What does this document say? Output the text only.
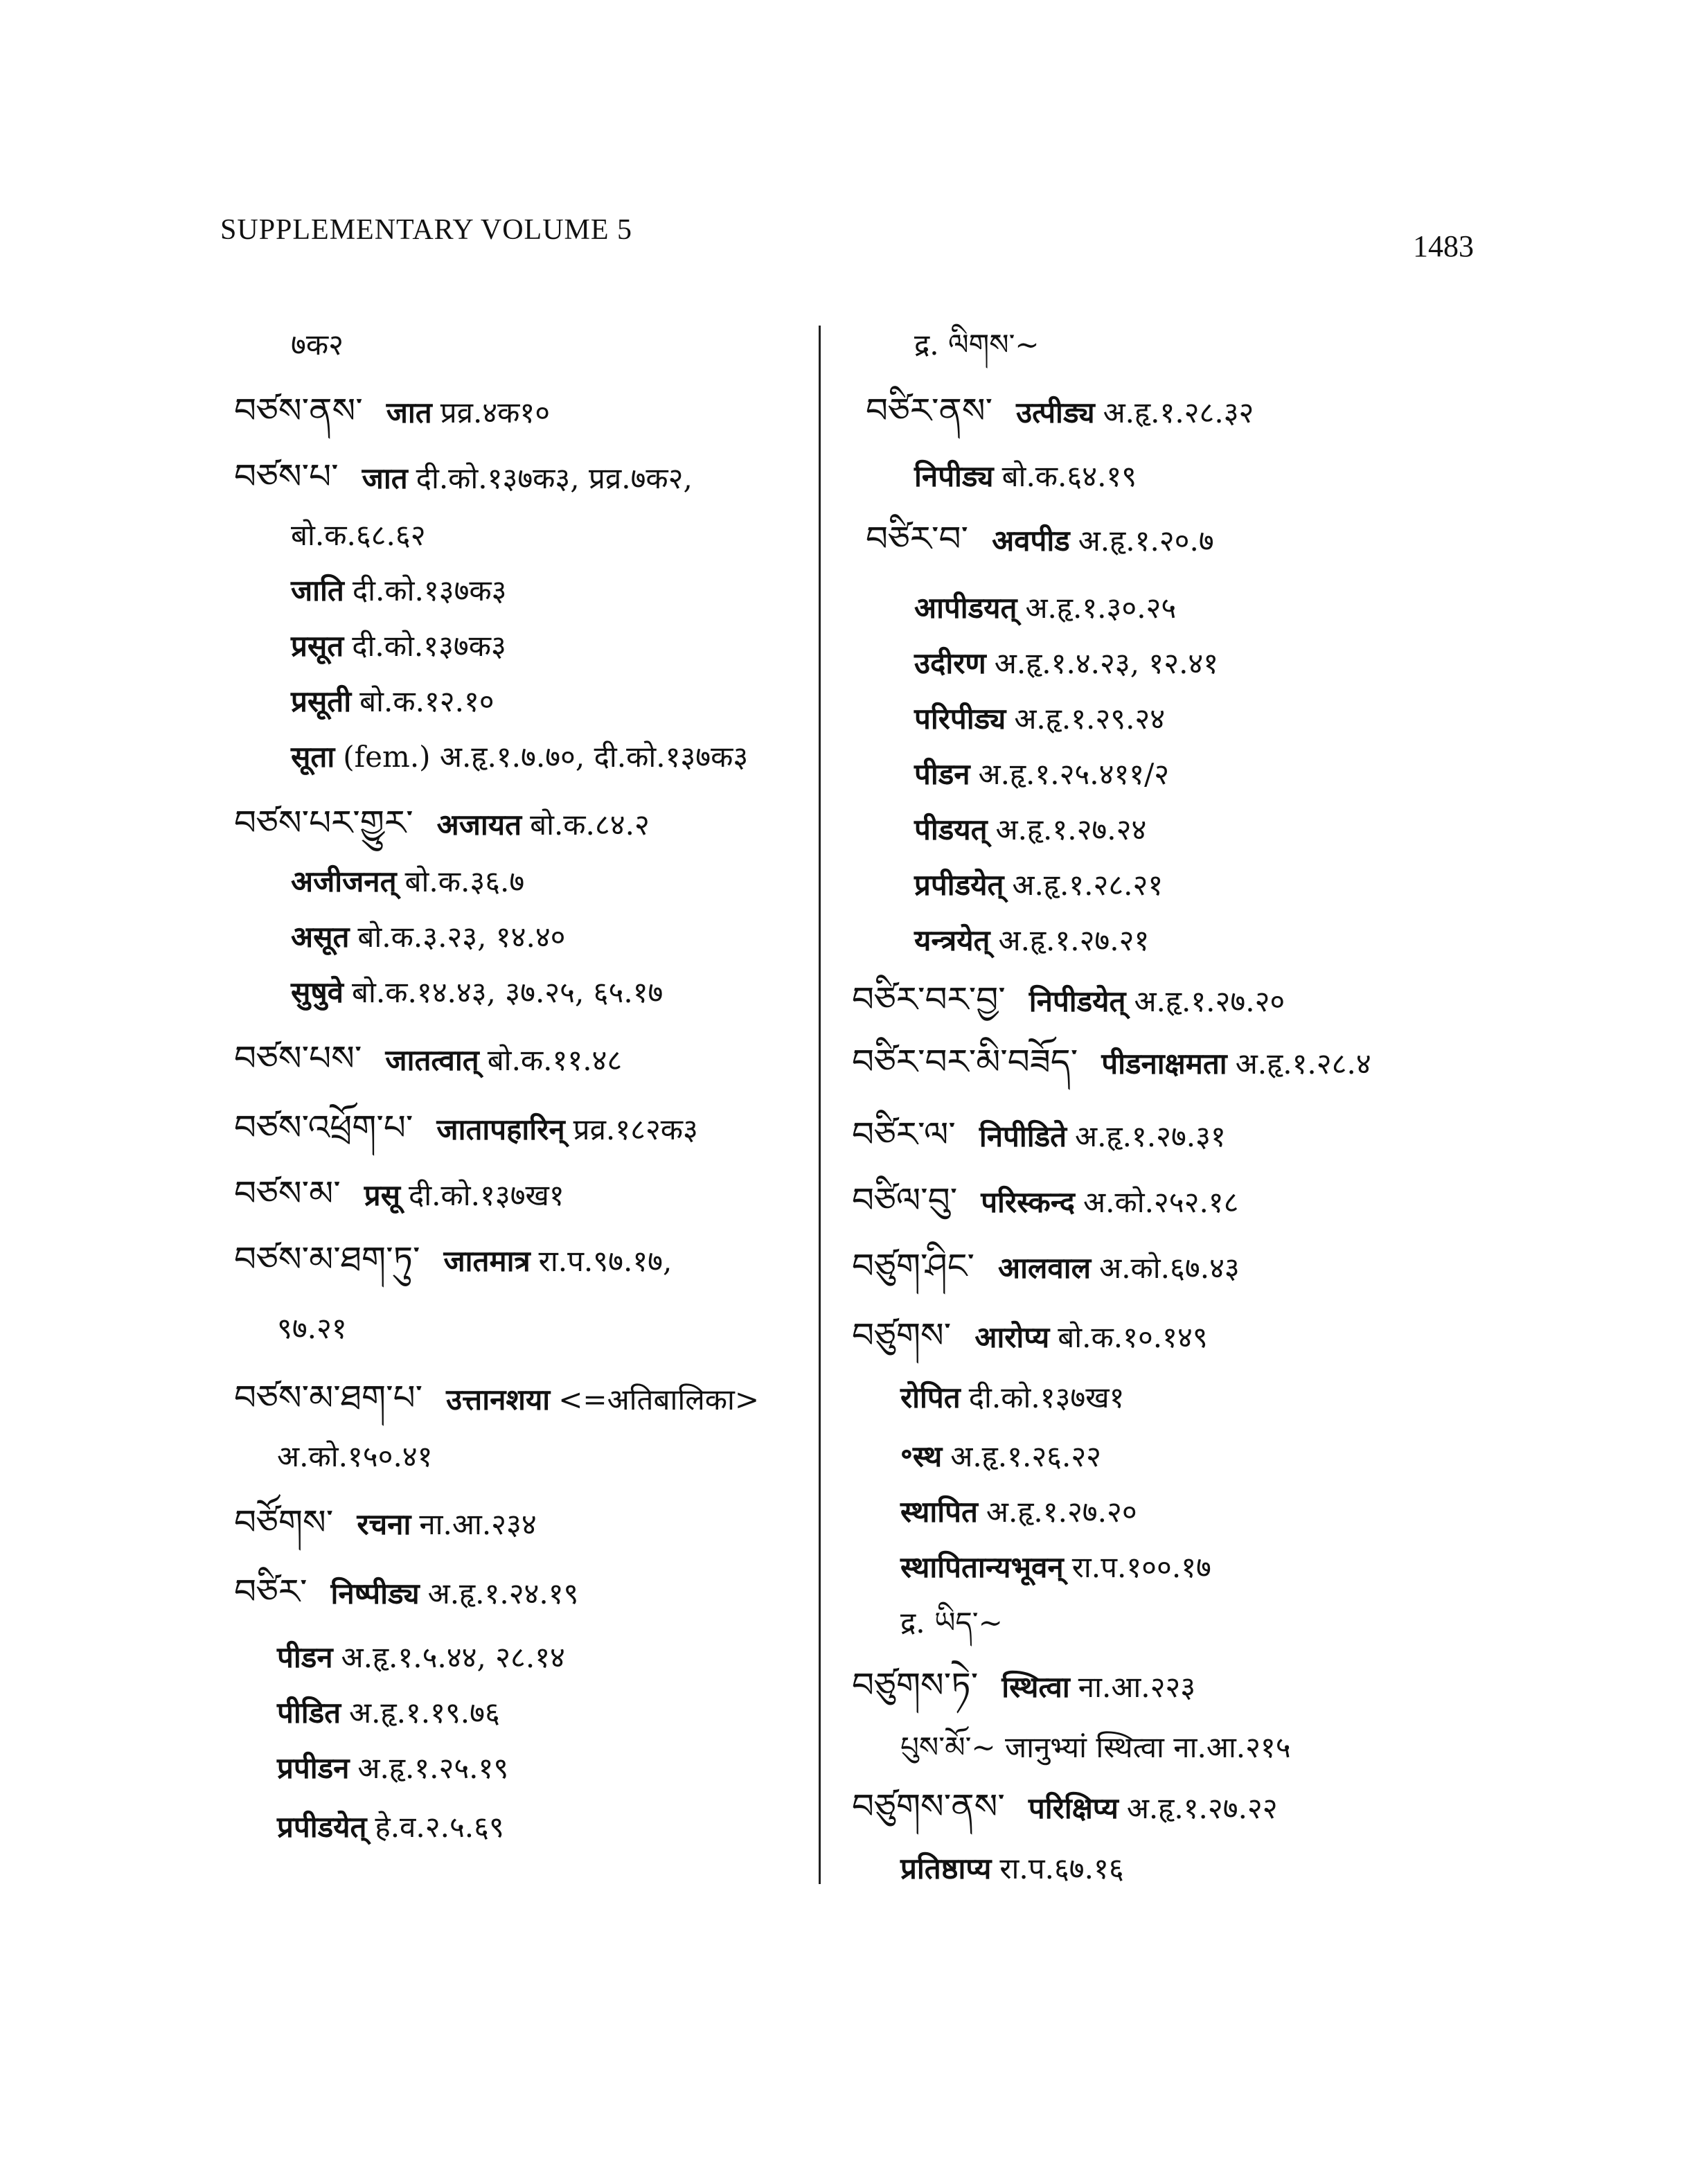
SUPPLEMENTARY VOLUME 5	1483
७क२
བཙས་ནས་ जात प्रव्र.४क१०
བཙས་པ་ जात दी.को.१३७क३, प्रव्र.७क२,
बो.क.६८.६२
जाति दी.को.१३७क३
प्रसूत दी.को.१३७क३
प्रसूती बो.क.१२.१०
सूता (fem.) अ.हृ.१.७.७०, दी.को.१३७क३
བཙས་པར་གྱུར་ अजायत बो.क.८४.२
अजीजनत् बो.क.३६.७
असूत बो.क.३.२३, १४.४०
सुषुवे बो.क.१४.४३, ३७.२५, ६५.१७
བཙས་པས་ जातत्वात् बो.क.११.४८
བཙས་འཕྲོག་པ་ जातापहारिन् प्रव्र.१८२क३
བཙས་མ་ प्रसू दी.को.१३७ख१
བཙས་མ་ཐག་ཏུ་ जातमात्र रा.प.९७.१७,
९७.२१
བཙས་མ་ཐག་པ་ उत्तानशया <=अतिबालिका>
अ.को.१५०.४१
བཙོགས་ रचना ना.आ.२३४
བཙིར་ निष्पीड्य अ.हृ.१.२४.१९
पीडन अ.हृ.१.५.४४, २८.१४
पीडित अ.हृ.१.१९.७६
प्रपीडन अ.हृ.१.२५.१९
प्रपीडयेत् हे.व.२.५.६९
द्र. ལིགས་~
བཙིར་ནས་ उत्पीड्य अ.हृ.१.२८.३२
निपीड्य बो.क.६४.१९
བཙིར་བ་ अवपीड अ.हृ.१.२०.७
आपीडयत् अ.हृ.१.३०.२५
उदीरण अ.हृ.१.४.२३, १२.४१
परिपीड्य अ.हृ.१.२९.२४
पीडन अ.हृ.१.२५.४११/२
पीडयत् अ.हृ.१.२७.२४
प्रपीडयेत् अ.हृ.१.२८.२१
यन्त्रयेत् अ.हृ.१.२७.२१
བཙིར་བར་བྱ་ निपीडयेत् अ.हृ.१.२७.२०
བཙིར་བར་མི་བཟོད་ पीडनाक्षमता अ.हृ.१.२८.४
བཙིར་ལ་ निपीडिते अ.हृ.१.२७.३१
བཙིལ་བུ་ परिस्कन्द अ.को.२५२.१८
བཙུག་ཤིང་ आलवाल अ.को.६७.४३
བཙུགས་ आरोप्य बो.क.१०.१४९
रोपित दी.को.१३७ख१
॰स्थ अ.हृ.१.२६.२२
स्थापित अ.हृ.१.२७.२०
स्थापितान्यभूवन् रा.प.१००.१७
द्र. ཡིད་~
བཙུགས་ཏེ་ स्थित्वा ना.आ.२२३
པུས་མོ་~ जानुभ्यां स्थित्वा ना.आ.२१५
བཙུགས་ནས་ परिक्षिप्य अ.हृ.१.२७.२२
प्रतिष्ठाप्य रा.प.६७.१६
